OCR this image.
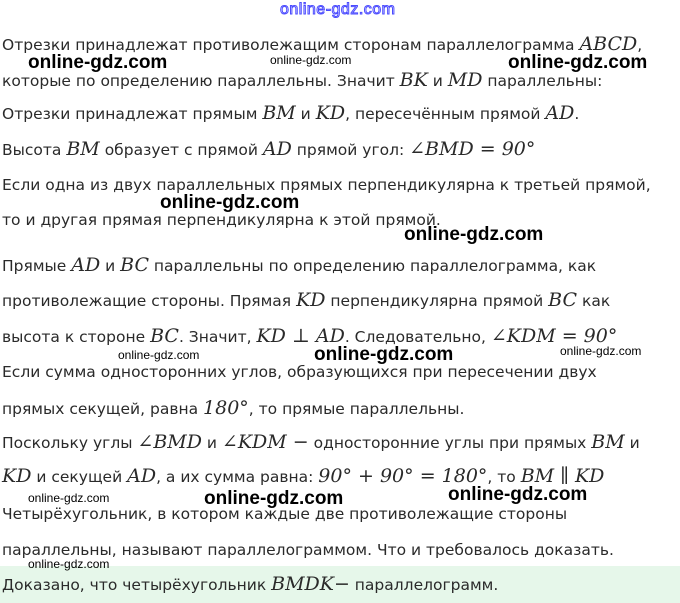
online-gdz.com
Отрезки принадлежат противолежащим сторонам параллелограмма ABCD,
которые по определению параллельны. Значит BK и MD параллельны:
Отрезки принадлежат прямым BM и KD, пересечённым прямой AD.
Высота BM образует с прямой AD прямой угол: ∠BMD = 90°
Если одна из двух параллельных прямых перпендикулярна к третьей прямой,
то и другая прямая перпендикулярна к этой прямой.
Прямые AD и BC параллельны по определению параллелограмма, как
противолежащие стороны. Прямая KD перпендикулярна прямой BC как
высота к стороне BC. Значит, KD ⊥ AD. Следовательно, ∠KDM = 90°
Если сумма односторонних углов, образующихся при пересечении двух
прямых секущей, равна 180°, то прямые параллельны.
Поскольку углы ∠BMD и ∠KDM − односторонние углы при прямых BM и
KD и секущей AD, а их сумма равна: 90° + 90° = 180°, то BM ∥ KD
Четырёхугольник, в котором каждые две противолежащие стороны
параллельны, называют параллелограммом. Что и требовалось доказать.
Доказано, что четырёхугольник BMDK− параллелограмм.
online-gdz.com	online-gdz.com	online-gdz.com
online-gdz.com
online-gdz.com
online-gdz.com	online-gdz.com	online-gdz.com
online-gdz.com	online-gdz.com	online-gdz.com
online-gdz.com
